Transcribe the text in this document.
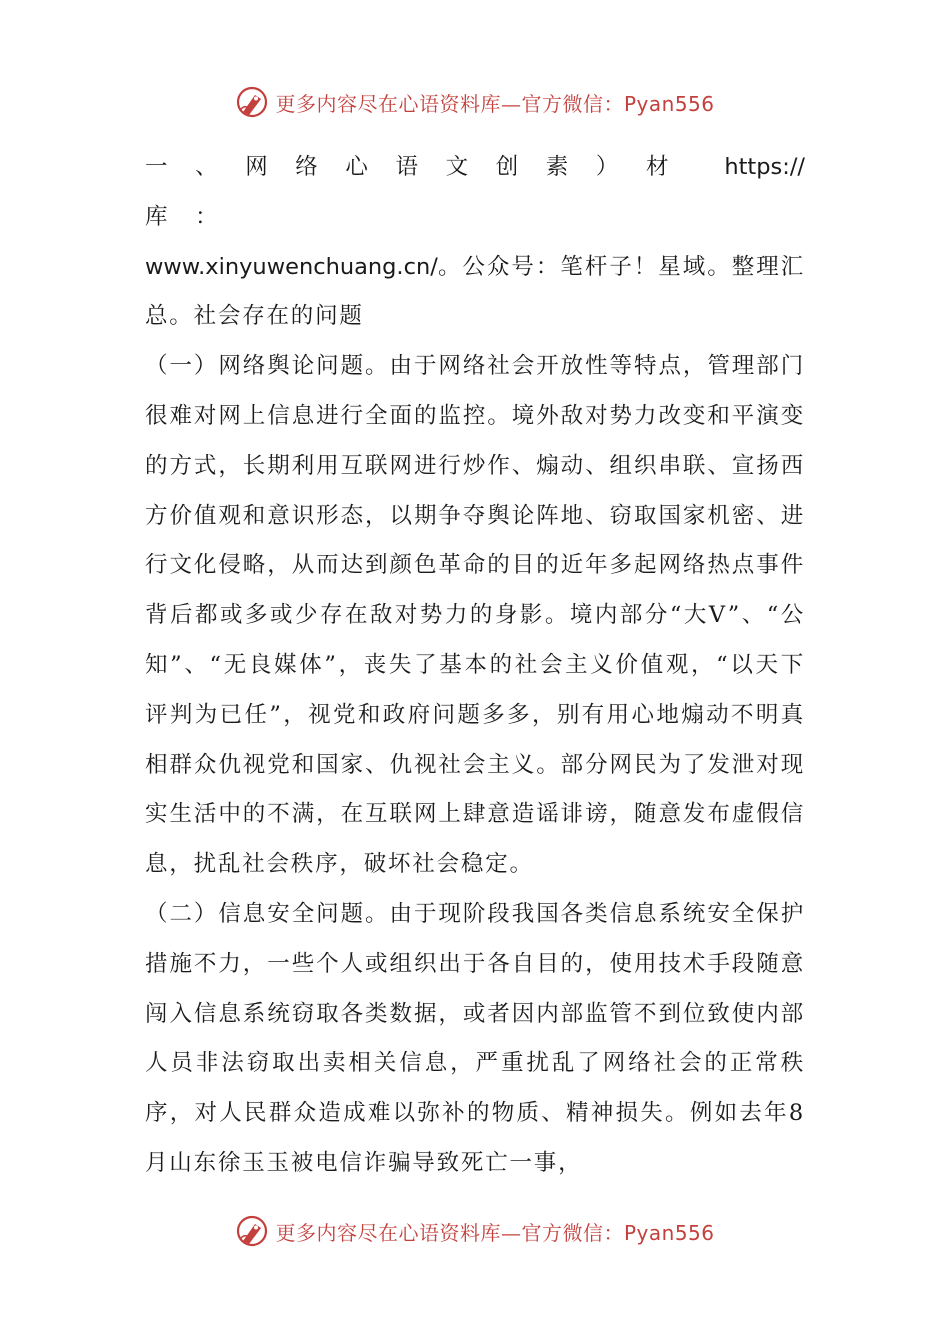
更多内容尽在心语资料库—官方微信：Pyan556
一、网络心语文创素）材库：
https://

www.xinyuwenchuang.cn/。公众号：笔杆子！星域。整理汇总。社会存在的问题

（一）网络舆论问题。由于网络社会开放性等特点，管理部门很难对网上信息进行全面的监控。境外敌对势力改变和平演变的方式，长期利用互联网进行炒作、煽动、组织串联、宣扬西方价值观和意识形态，以期争夺舆论阵地、窃取国家机密、进行文化侵略，从而达到颜色革命的目的近年多起网络热点事件背后都或多或少存在敌对势力的身影。境内部分“大V”、“公知”、“无良媒体”，丧失了基本的社会主义价值观，“以天下评判为已任”，视党和政府问题多多，别有用心地煽动不明真相群众仇视党和国家、仇视社会主义。部分网民为了发泄对现实生活中的不满，在互联网上肆意造谣诽谤，随意发布虚假信息，扰乱社会秩序，破坏社会稳定。

（二）信息安全问题。由于现阶段我国各类信息系统安全保护措施不力，一些个人或组织出于各自目的，使用技术手段随意闯入信息系统窃取各类数据，或者因内部监管不到位致使内部人员非法窃取出卖相关信息，严重扰乱了网络社会的正常秩序，对人民群众造成难以弥补的物质、精神损失。例如去年8月山东徐玉玉被电信诈骗导致死亡一事，

更多内容尽在心语资料库—官方微信：Pyan556
